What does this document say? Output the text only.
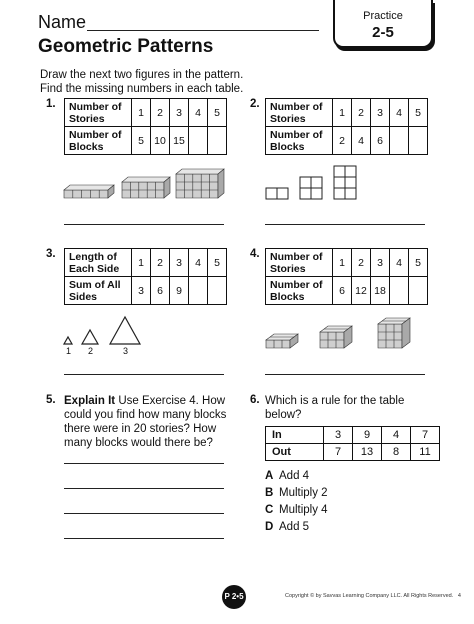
Name
Geometric Patterns
Practice
2-5
Draw the next two figures in the pattern.
Find the missing numbers in each table.
1. Number of Stories	1	2	3	4	5
Number of Blocks	5	10	15		
2. Number of Stories	1	2	3	4	5
Number of Blocks	2	4	6		
3. Length of Each Side	1	2	3	4	5
Sum of All Sides	3	6	9		
1 2	3
4. Number of Stories	1	2	3	4	5
Number of Blocks	6	12	18		
5. Explain It Use Exercise 4. How could you find how many blocks there were in 20 stories? How many blocks would there be?
6. Which is a rule for the table below?
In	3	9	4	7
Out	7	13	8	11
A Add 4
B Multiply 2
C Multiply 4
D Add 5
P 2•5	Copyright © by Savvas Learning Company LLC. All Rights Reserved. 4
